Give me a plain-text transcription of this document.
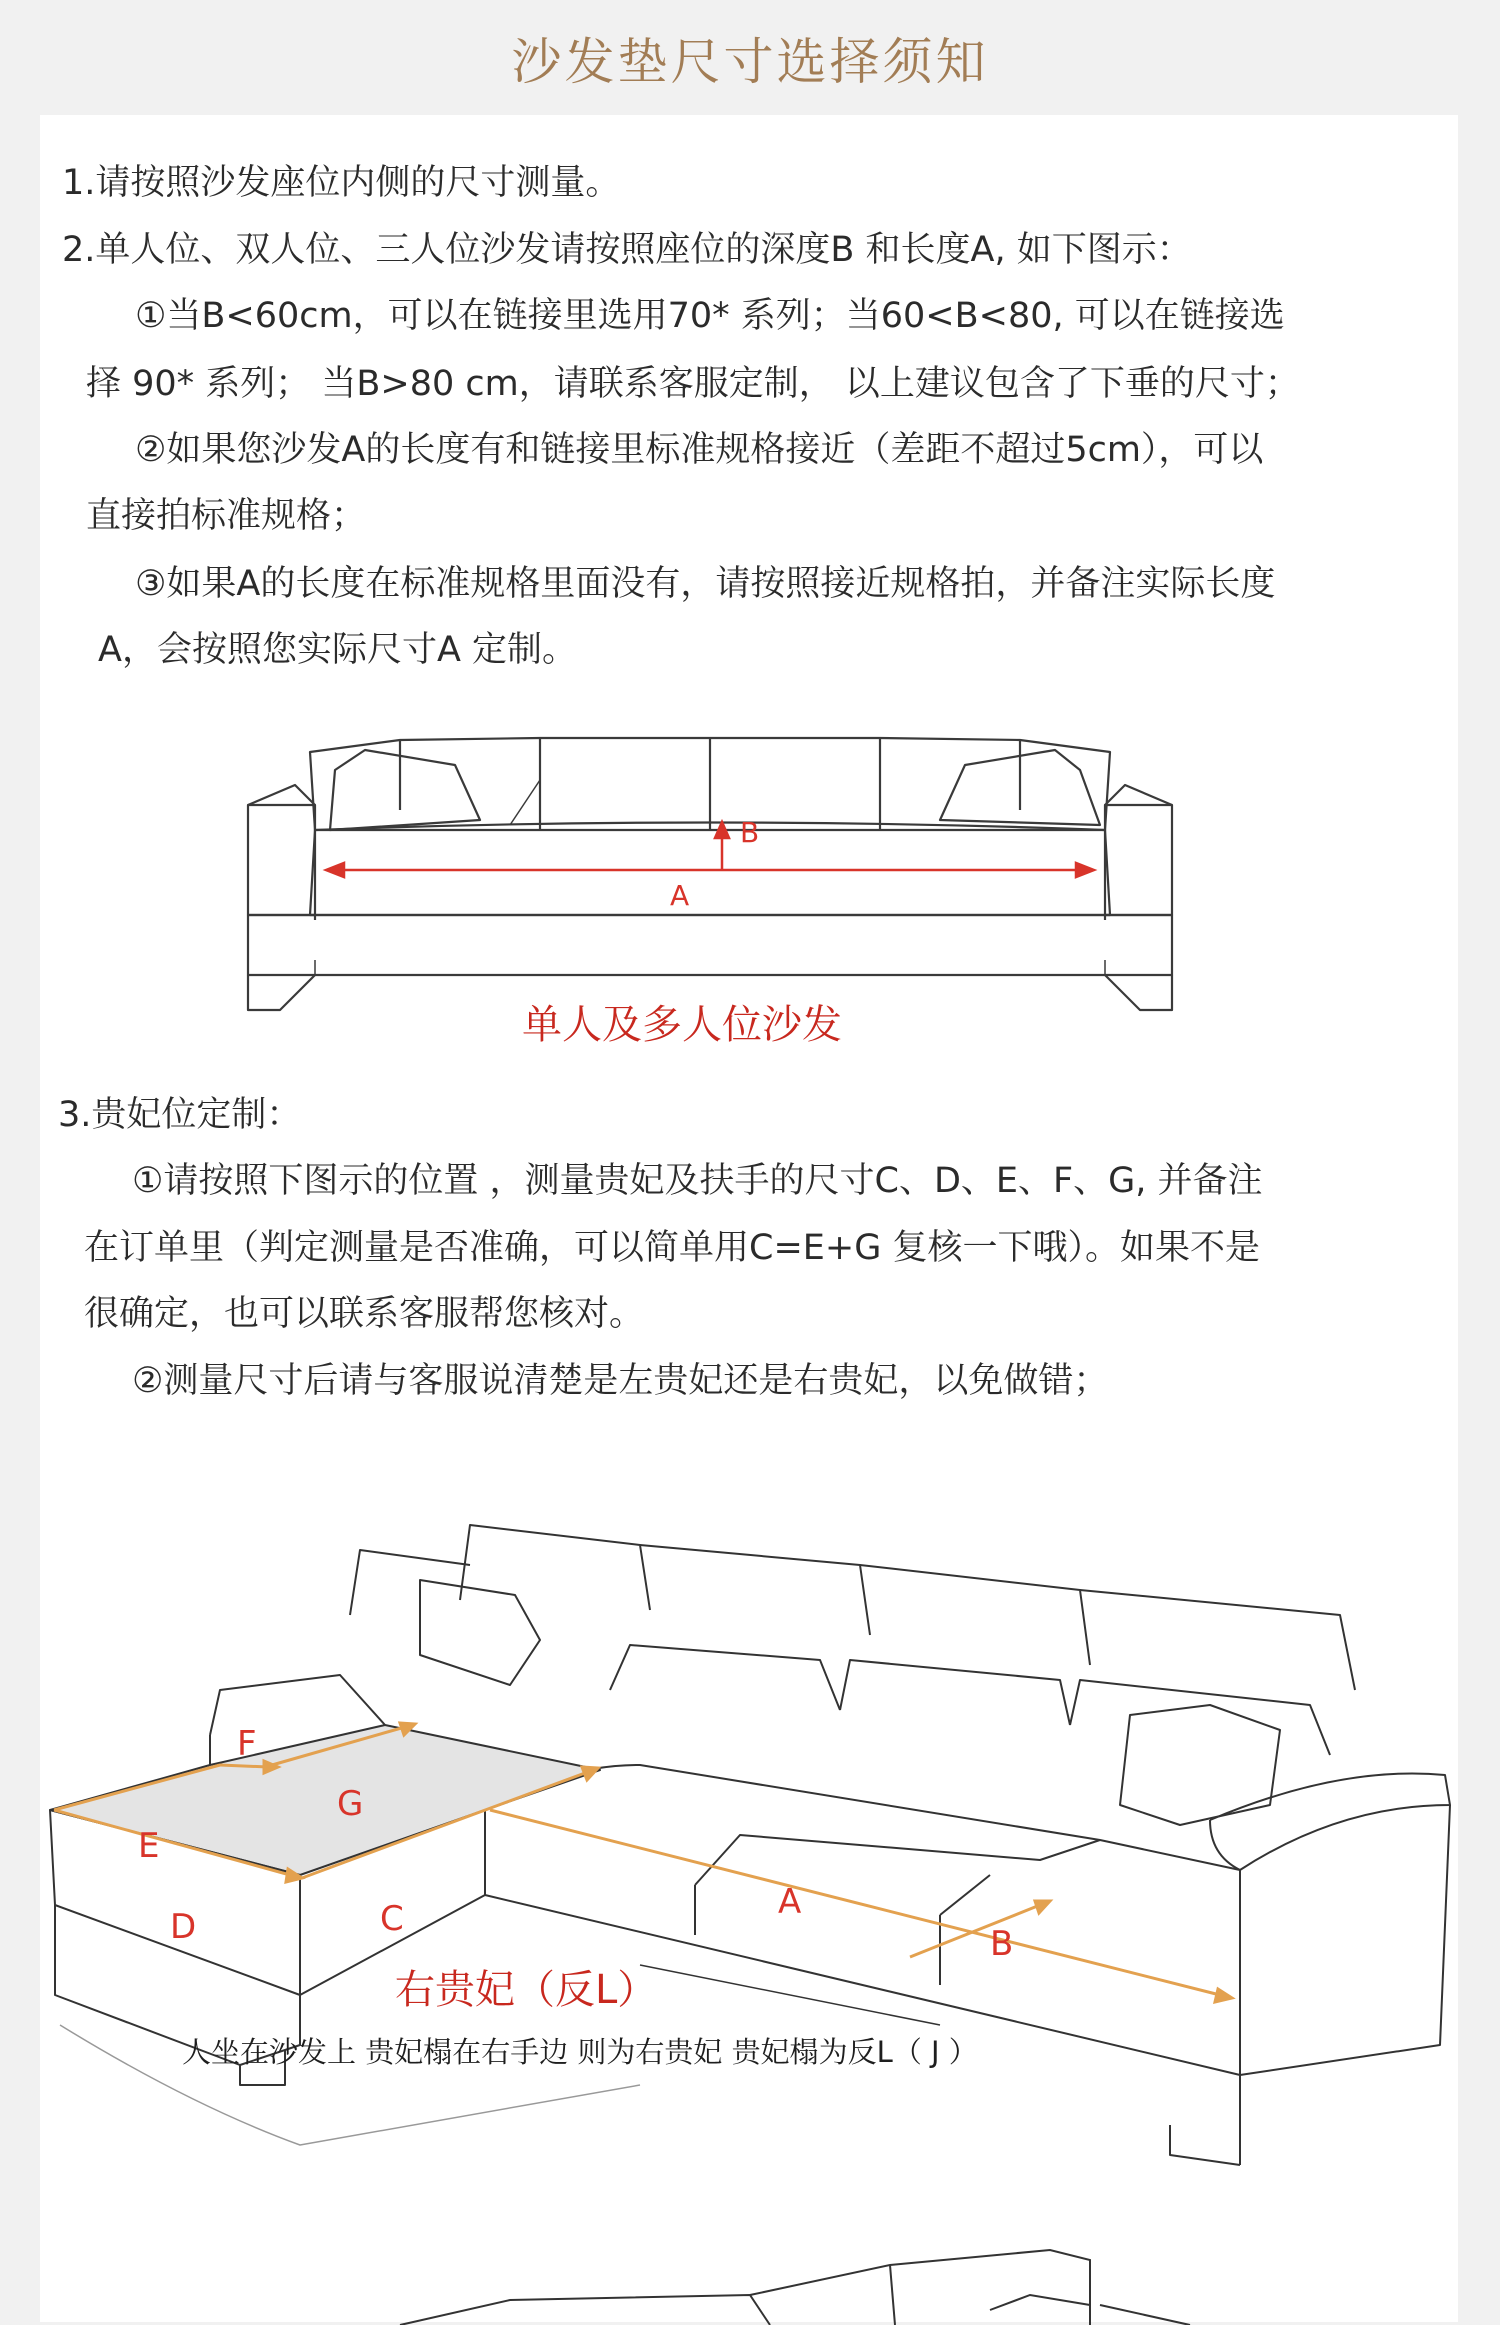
沙发垫尺寸选择须知

1.请按照沙发座位内侧的尺寸测量。

2.单人位、双人位、三人位沙发请按照座位的深度B 和长度A, 如下图示：

①当B<60cm，可以在链接里选用70* 系列；当60<B<80, 可以在链接选

择 90* 系列； 当B>80 cm，请联系客服定制， 以上建议包含了下垂的尺寸；

②如果您沙发A的长度有和链接里标准规格接近（差距不超过5cm），可以

直接拍标准规格；

③如果A的长度在标准规格里面没有，请按照接近规格拍，并备注实际长度

A，会按照您实际尺寸A 定制。

B
A

单人及多人位沙发

3.贵妃位定制：

①请按照下图示的位置 ，测量贵妃及扶手的尺寸C、D、E、F、G, 并备注

在订单里（判定测量是否准确，可以简单用C=E+G 复核一下哦）。如果不是

很确定，也可以联系客服帮您核对。

②测量尺寸后请与客服说清楚是左贵妃还是右贵妃，以免做错；

E
F
G
D	C	A
B

右贵妃（反L）

人坐在沙发上 贵妃榻在右手边 则为右贵妃 贵妃榻为反L（ J ）
